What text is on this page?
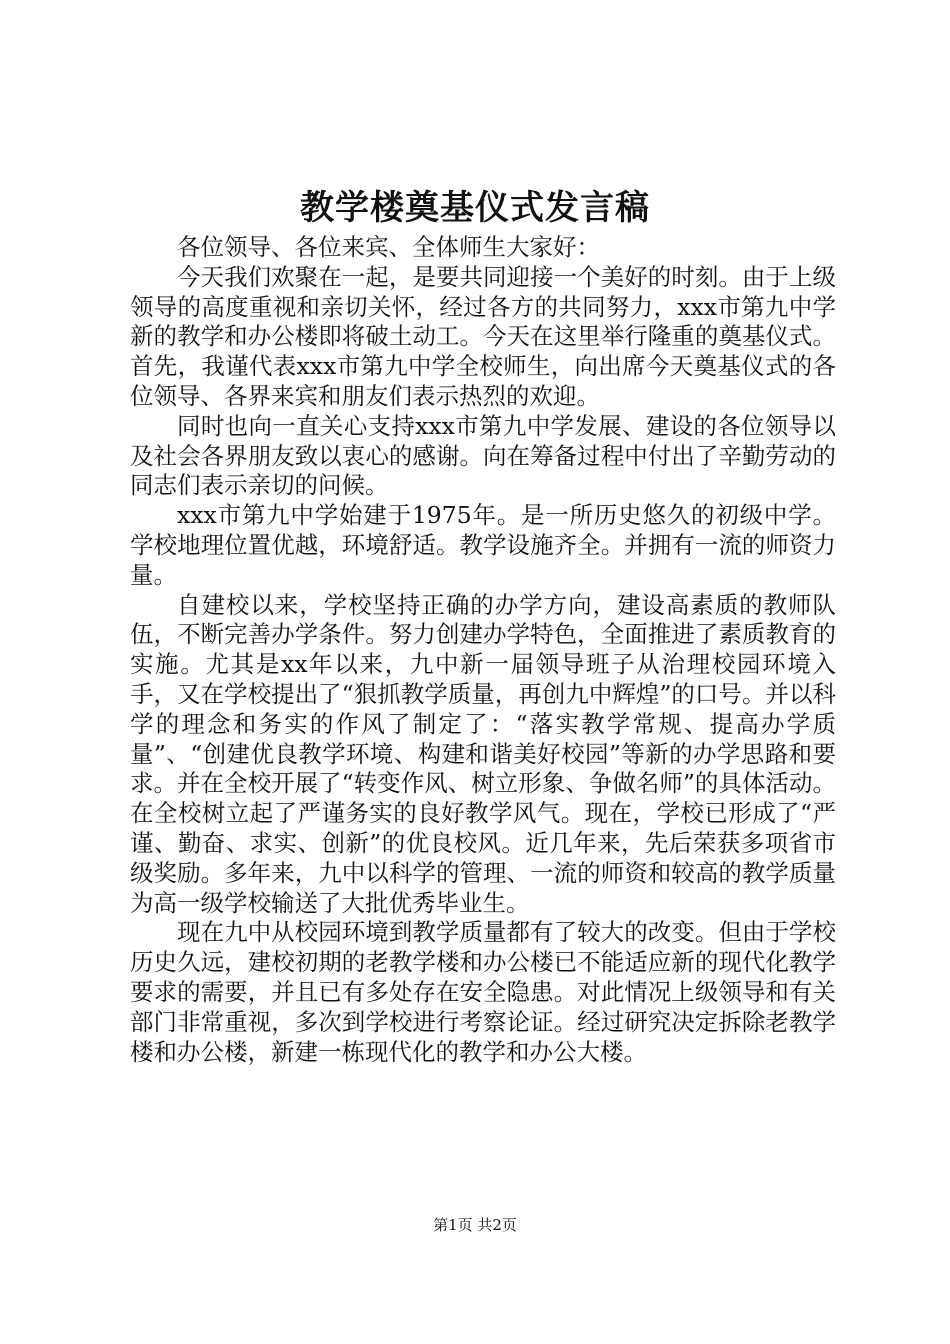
教学楼奠基仪式发言稿

各位领导、各位来宾、全体师生大家好：

今天我们欢聚在一起，是要共同迎接一个美好的时刻。由于上级领导的高度重视和亲切关怀，经过各方的共同努力，xxx市第九中学新的教学和办公楼即将破土动工。今天在这里举行隆重的奠基仪式。首先，我谨代表xxx市第九中学全校师生，向出席今天奠基仪式的各位领导、各界来宾和朋友们表示热烈的欢迎。

同时也向一直关心支持xxx市第九中学发展、建设的各位领导以及社会各界朋友致以衷心的感谢。向在筹备过程中付出了辛勤劳动的同志们表示亲切的问候。

xxx市第九中学始建于1975年。是一所历史悠久的初级中学。学校地理位置优越，环境舒适。教学设施齐全。并拥有一流的师资力量。

自建校以来，学校坚持正确的办学方向，建设高素质的教师队伍，不断完善办学条件。努力创建办学特色，全面推进了素质教育的实施。尤其是xx年以来，九中新一届领导班子从治理校园环境入手，又在学校提出了“狠抓教学质量，再创九中辉煌”的口号。并以科学的理念和务实的作风了制定了：“落实教学常规、提高办学质量”、“创建优良教学环境、构建和谐美好校园”等新的办学思路和要求。并在全校开展了“转变作风、树立形象、争做名师”的具体活动。在全校树立起了严谨务实的良好教学风气。现在，学校已形成了“严谨、勤奋、求实、创新”的优良校风。近几年来，先后荣获多项省市级奖励。多年来，九中以科学的管理、一流的师资和较高的教学质量为高一级学校输送了大批优秀毕业生。

现在九中从校园环境到教学质量都有了较大的改变。但由于学校历史久远，建校初期的老教学楼和办公楼已不能适应新的现代化教学要求的需要，并且已有多处存在安全隐患。对此情况上级领导和有关部门非常重视，多次到学校进行考察论证。经过研究决定拆除老教学楼和办公楼，新建一栋现代化的教学和办公大楼。

第1页 共2页
